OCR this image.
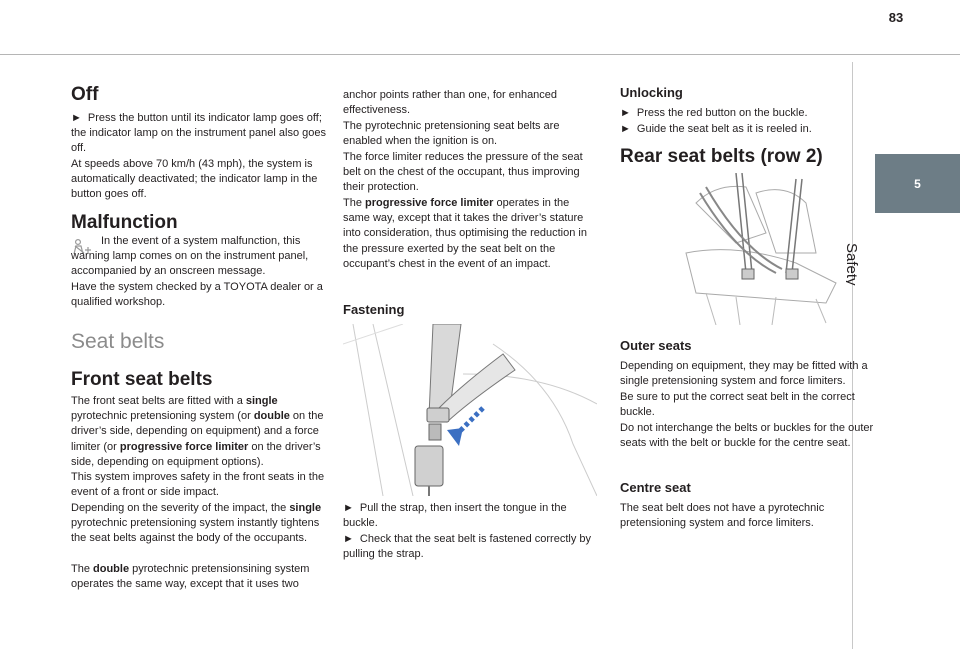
83
5
Safety
Off

► Press the button until its indicator lamp goes off; the indicator lamp on the instrument panel also goes off.

At speeds above 70 km/h (43 mph), the system is automatically deactivated; the indicator lamp in the button goes off.

Malfunction

In the event of a system malfunction, this warning lamp comes on on the instrument panel, accompanied by an onscreen message.

Have the system checked by a TOYOTA dealer or a qualified workshop.

Seat belts
Front seat belts

The front seat belts are fitted with a single pyrotechnic pretensioning system (or double on the driver’s side, depending on equipment) and a force limiter (or progressive force limiter on the driver’s side, depending on equipment options).

This system improves safety in the front seats in the event of a front or side impact.

Depending on the severity of the impact, the single pyrotechnic pretensioning system instantly tightens the seat belts against the body of the occupants.

The double pyrotechnic pretensionsining system operates the same way, except that it uses two

anchor points rather than one, for enhanced effectiveness.

The pyrotechnic pretensioning seat belts are enabled when the ignition is on.

The force limiter reduces the pressure of the seat belt on the chest of the occupant, thus improving their protection.

The progressive force limiter operates in the same way, except that it takes the driver’s stature into consideration, thus optimising the reduction in the pressure exerted by the seat belt on the occupant’s chest in the event of an impact.

Fastening

► Pull the strap, then insert the tongue in the buckle.

► Check that the seat belt is fastened correctly by pulling the strap.

Unlocking

► Press the red button on the buckle.

► Guide the seat belt as it is reeled in.

Rear seat belts (row 2)
Outer seats

Depending on equipment, they may be fitted with a single pretensioning system and force limiters.

Be sure to put the correct seat belt in the correct buckle.

Do not interchange the belts or buckles for the outer seats with the belt or buckle for the centre seat.

Centre seat

The seat belt does not have a pyrotechnic pretensioning system and force limiters.
